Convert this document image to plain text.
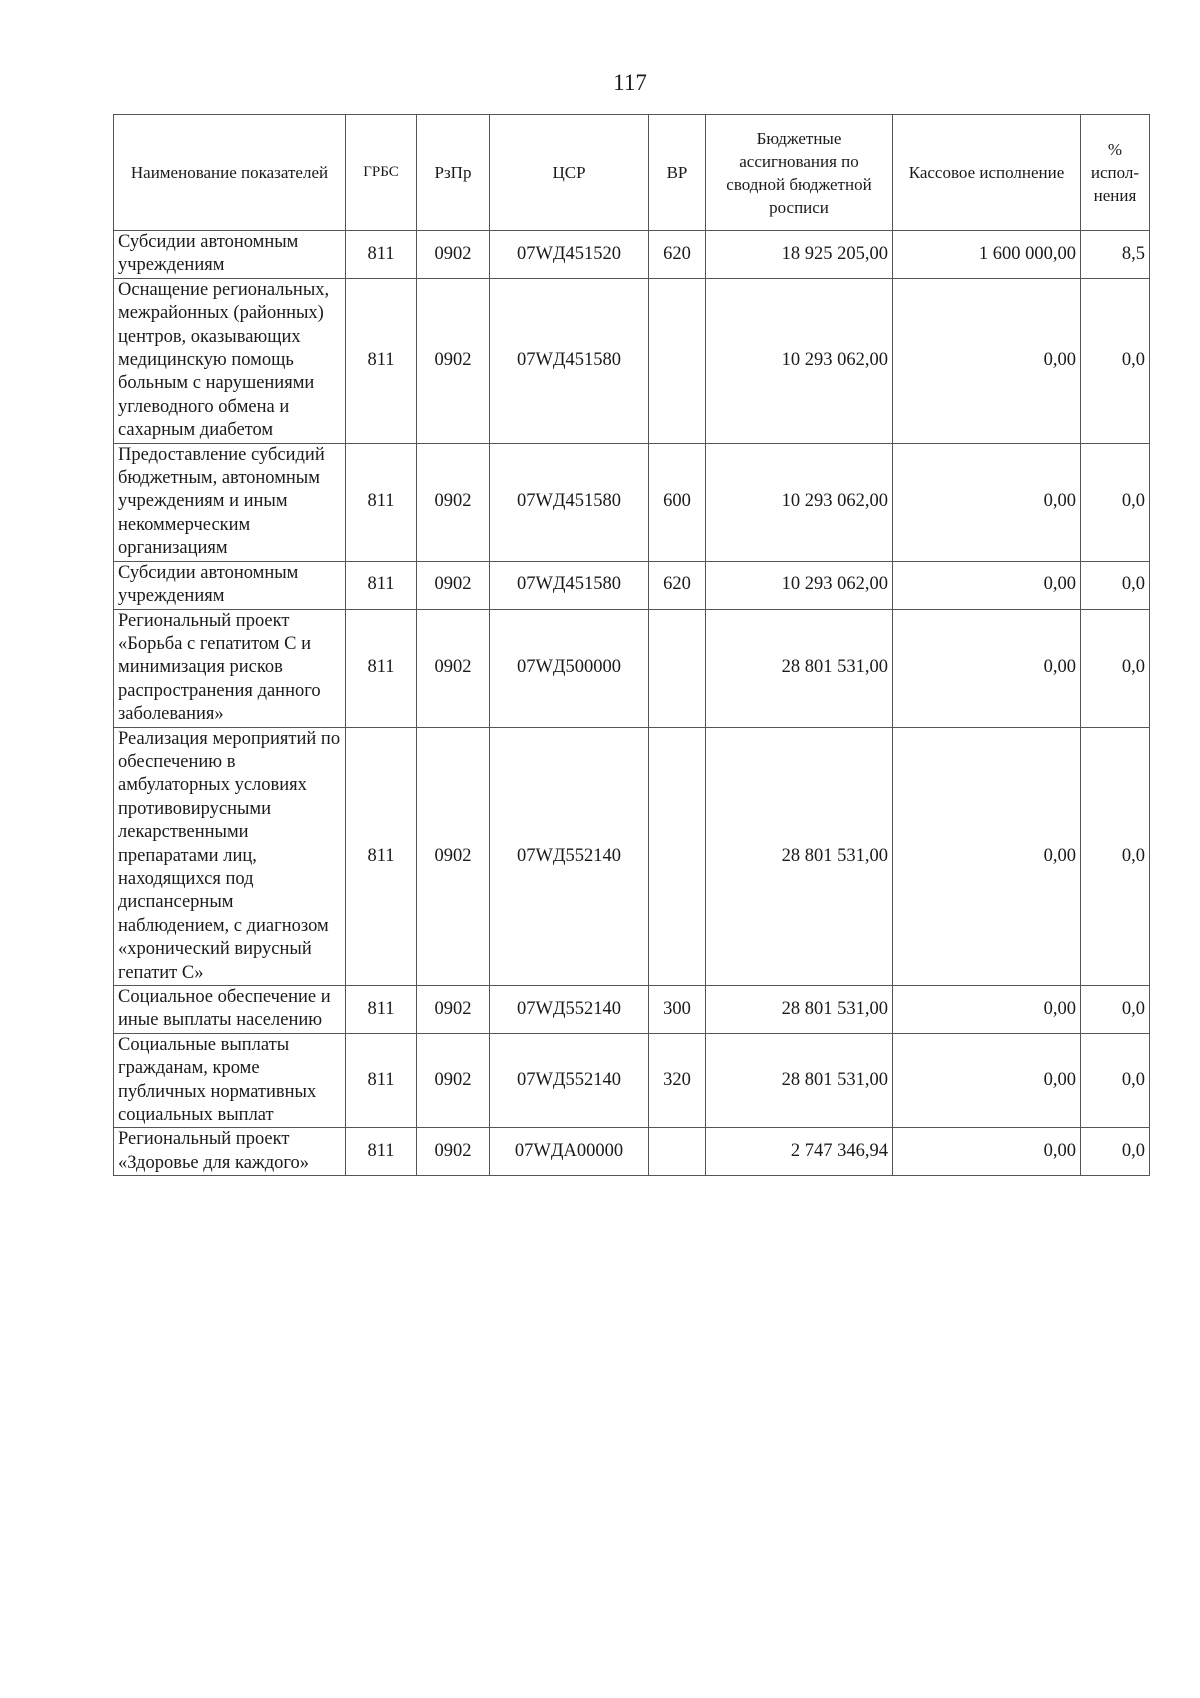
117
Наименование показателей	ГРБС	РзПр	ЦСР	ВР	Бюджетные ассигнования по сводной бюджетной росписи	Кассовое исполнение	% испол-нения
Субсидии автономным учреждениям	811	0902	07WД451520	620	18 925 205,00	1 600 000,00	8,5
Оснащение региональных, межрайонных (районных) центров, оказывающих медицинскую помощь больным с нарушениями углеводного обмена и сахарным диабетом	811	0902	07WД451580		10 293 062,00	0,00	0,0
Предоставление субсидий бюджетным, автономным учреждениям и иным некоммерческим организациям	811	0902	07WД451580	600	10 293 062,00	0,00	0,0
Субсидии автономным учреждениям	811	0902	07WД451580	620	10 293 062,00	0,00	0,0
Региональный проект «Борьба с гепатитом С и минимизация рисков распространения данного заболевания»	811	0902	07WД500000		28 801 531,00	0,00	0,0
Реализация мероприятий по обеспечению в амбулаторных условиях противовирусными лекарственными препаратами лиц, находящихся под диспансерным наблюдением, с диагнозом «хронический вирусный гепатит С»	811	0902	07WД552140		28 801 531,00	0,00	0,0
Социальное обеспечение и иные выплаты населению	811	0902	07WД552140	300	28 801 531,00	0,00	0,0
Социальные выплаты гражданам, кроме публичных нормативных социальных выплат	811	0902	07WД552140	320	28 801 531,00	0,00	0,0
Региональный проект «Здоровье для каждого»	811	0902	07WДА00000		2 747 346,94	0,00	0,0
